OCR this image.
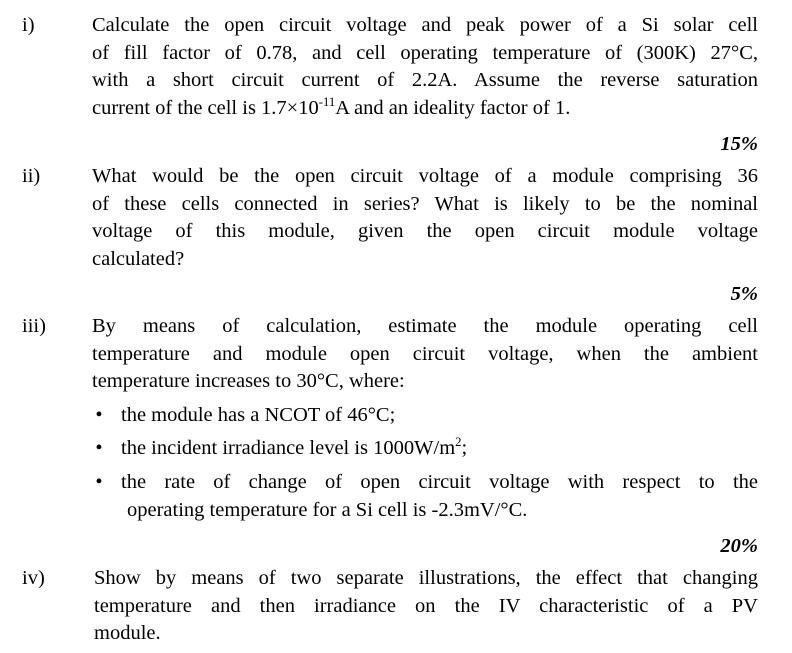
i)	Calculate the open circuit voltage and peak power of a Si solar cell
of fill factor of 0.78, and cell operating temperature of (300K) 27°C,
with a short circuit current of 2.2A. Assume the reverse saturation
current of the cell is $1.7\times 10^{-11}A$ and an ideality factor of 1.
15%
ii)	What would be the open circuit voltage of a module comprising 36
of these cells connected in series? What is likely to be the nominal
voltage of this module, given the open circuit module voltage
calculated?
5%
iii) By means of calculation, estimate the module operating cell
temperature and module open circuit voltage, when the ambient
temperature increases to 30°C, where:
• the module has a NCOT of 46°C;
• the incident irradiance level is $1000W/m^2$;
• the rate of change of open circuit voltage with respect to the
operating temperature for a Si cell is -2.3mV/°C.
20%
iv) Show by means of two separate illustrations, the effect that changing
temperature and then irradiance on the IV characteristic of a PV
module.
